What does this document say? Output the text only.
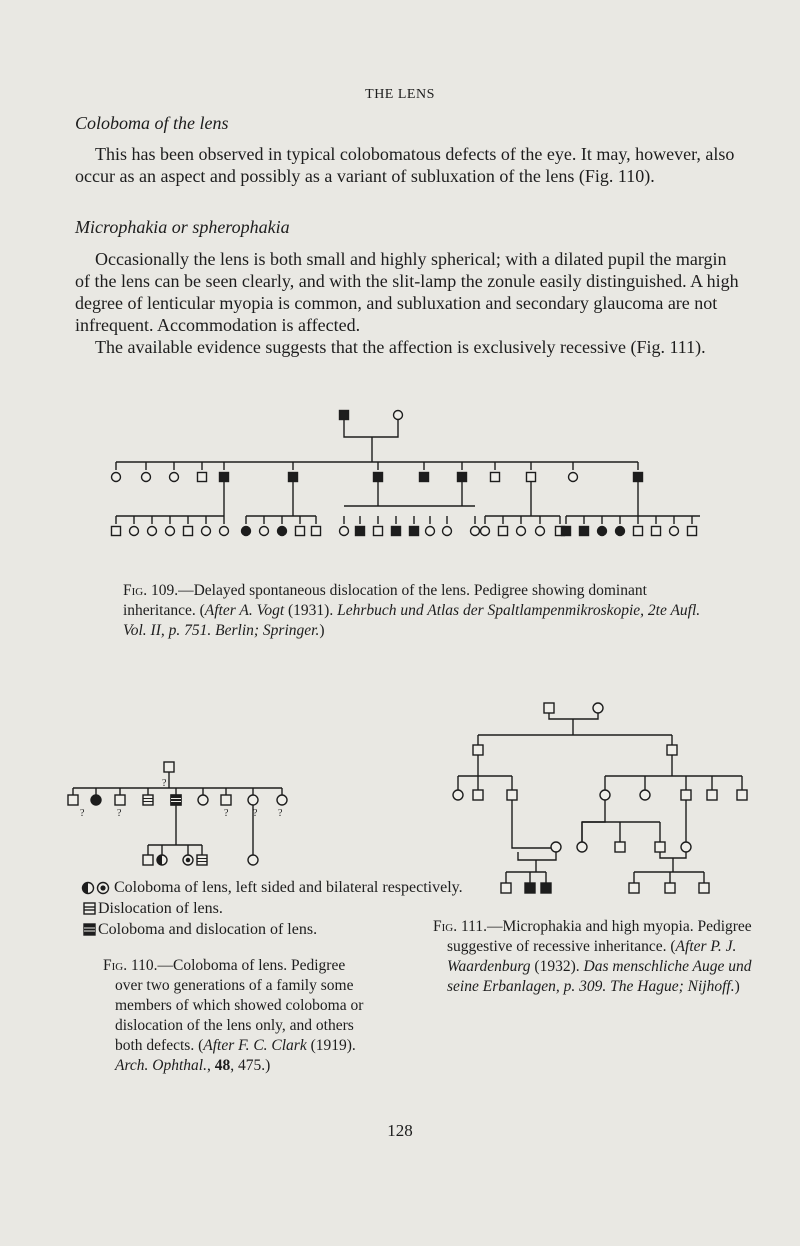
THE LENS
Coloboma of the lens

This has been observed in typical colobomatous defects of the eye. It may, however, also occur as an aspect and possibly as a variant of subluxation of the lens (Fig. 110).

Microphakia or spherophakia

Occasionally the lens is both small and highly spherical; with a dilated pupil the margin of the lens can be seen clearly, and with the slit-lamp the zonule easily distinguished. A high degree of lenticular myopia is common, and subluxation and secondary glaucoma are not infrequent. Accommodation is affected.

The available evidence suggests that the affection is exclusively recessive (Fig. 111).

Fig. 109.—Delayed spontaneous dislocation of the lens. Pedigree showing dominant inheritance. (After A. Vogt (1931). Lehrbuch und Atlas der Spaltlampenmikroskopie, 2te Aufl. Vol. II, p. 751. Berlin; Springer.)
?
?	?	? ? ?
Coloboma of lens, left sided and bilateral respectively.
Dislocation of lens.
Coloboma and dislocation of lens.
Fig. 110.—Coloboma of lens. Pedigree over two generations of a family some members of which showed coloboma or dislocation of the lens only, and others both defects. (After F. C. Clark (1919). Arch. Ophthal., 48, 475.)
Fig. 111.—Microphakia and high myopia. Pedigree suggestive of recessive inheritance. (After P. J. Waardenburg (1932). Das menschliche Auge und seine Erbanlagen, p. 309. The Hague; Nijhoff.)
128
